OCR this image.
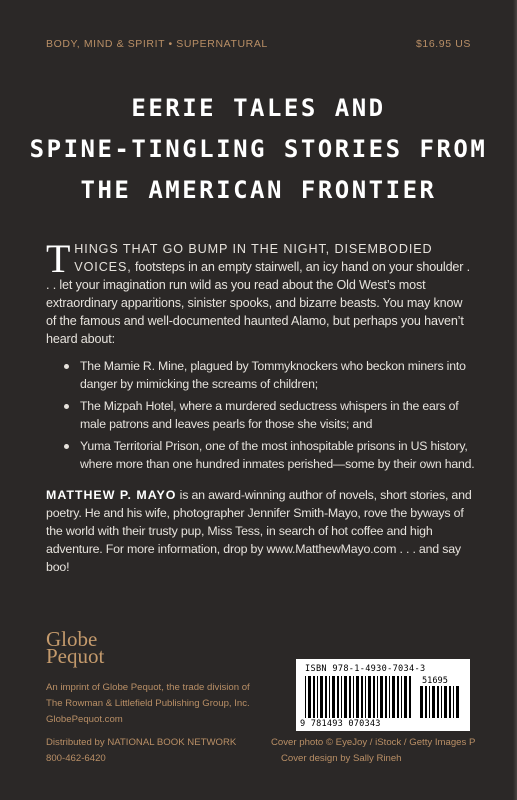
BODY, MIND & SPIRIT • SUPERNATURAL	$16.95 US
EERIE TALES AND
SPINE-TINGLING STORIES FROM
THE AMERICAN FRONTIER
THINGS THAT GO BUMP IN THE NIGHT, DISEMBODIED VOICES, footsteps in an empty stairwell, an icy hand on your shoulder . . . let your imagination run wild as you read about the Old West’s most extraordinary apparitions, sinister spooks, and bizarre beasts. You may know of the famous and well-documented haunted Alamo, but perhaps you haven’t heard about:
The Mamie R. Mine, plagued by Tommyknockers who beckon miners into danger by mimicking the screams of children;
The Mizpah Hotel, where a murdered seductress whispers in the ears of male patrons and leaves pearls for those she visits; and
Yuma Territorial Prison, one of the most inhospitable prisons in US history, where more than one hundred inmates perished—some by their own hand.
MATTHEW P. MAYO is an award-winning author of novels, short stories, and poetry. He and his wife, photographer Jennifer Smith-Mayo, rove the byways of the world with their trusty pup, Miss Tess, in search of hot coffee and high adventure. For more information, drop by www.MatthewMayo.com . . . and say boo!
Globe
Pequot
An imprint of Globe Pequot, the trade division of
The Rowman & Littlefield Publishing Group, Inc.
GlobePequot.com
Distributed by NATIONAL BOOK NETWORK
800-462-6420
Cover photo © EyeJoy / iStock / Getty Images P
Cover design by Sally Rineh
ISBN 978-1-4930-7034-3
51695
9 781493 070343
